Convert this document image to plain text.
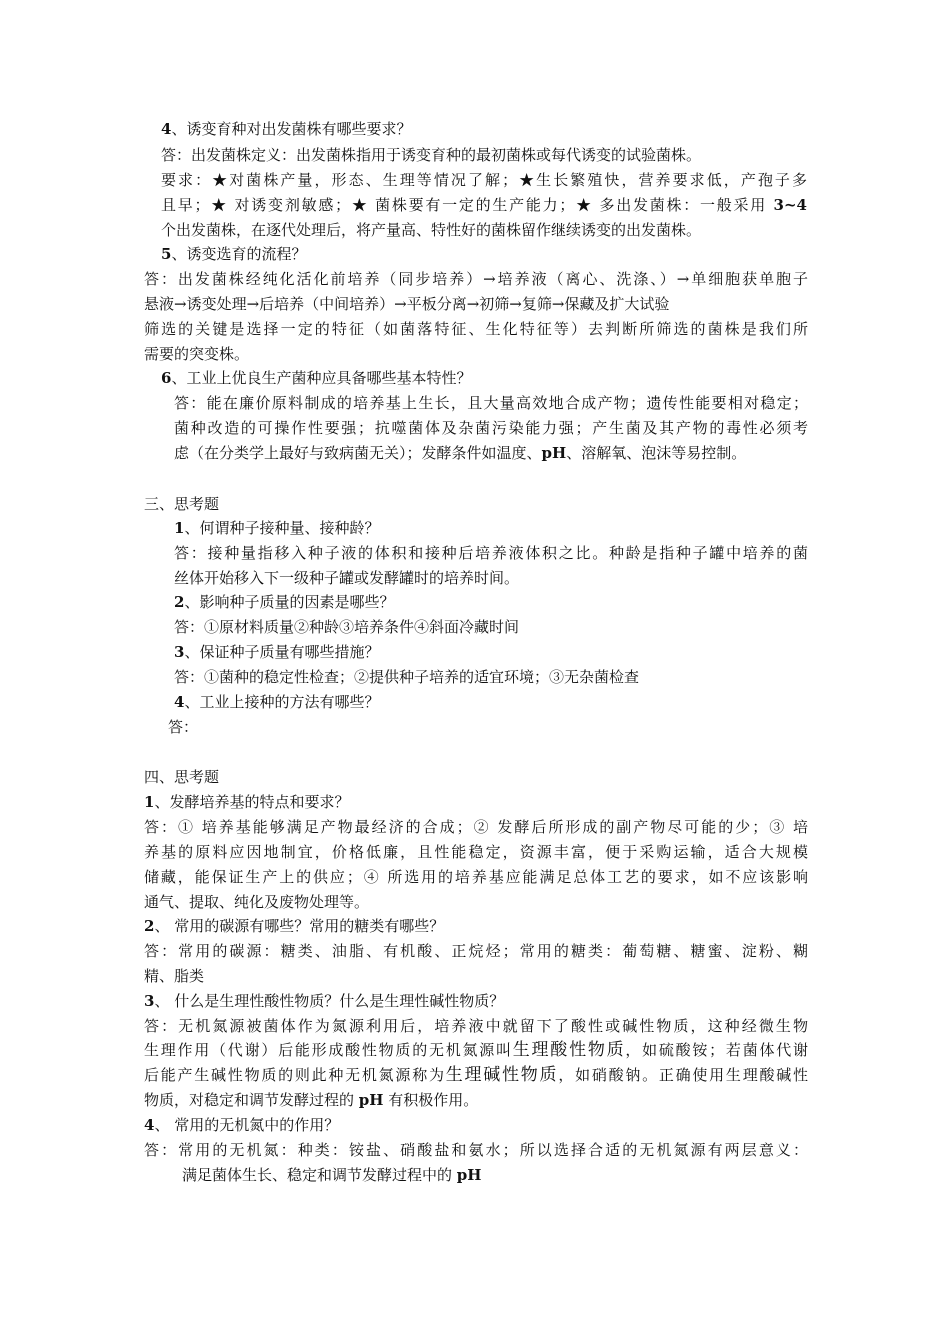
4、诱变育种对出发菌株有哪些要求？
答：出发菌株定义：出发菌株指用于诱变育种的最初菌株或每代诱变的试验菌株。
要求：★对菌株产量，形态、生理等情况了解；★生长繁殖快，营养要求低，产孢子多
且早；★ 对诱变剂敏感；★ 菌株要有一定的生产能力；★ 多出发菌株：一般采用 3~4
个出发菌株，在逐代处理后，将产量高、特性好的菌株留作继续诱变的出发菌株。
5、诱变选育的流程？
答：出发菌株经纯化活化前培养（同步培养）→培养液（离心、洗涤、）→单细胞获单胞子
悬液→诱变处理→后培养（中间培养）→平板分离→初筛→复筛→保藏及扩大试验
筛选的关键是选择一定的特征（如菌落特征、生化特征等）去判断所筛选的菌株是我们所
需要的突变株。
6、工业上优良生产菌种应具备哪些基本特性？
答：能在廉价原料制成的培养基上生长，且大量高效地合成产物；遗传性能要相对稳定；
菌种改造的可操作性要强；抗噬菌体及杂菌污染能力强；产生菌及其产物的毒性必须考
虑（在分类学上最好与致病菌无关）；发酵条件如温度、pH、溶解氧、泡沫等易控制。
三、思考题
1、何谓种子接种量、接种龄？
答：接种量指移入种子液的体积和接种后培养液体积之比。种龄是指种子罐中培养的菌
丝体开始移入下一级种子罐或发酵罐时的培养时间。
2、影响种子质量的因素是哪些？
答：①原材料质量②种龄③培养条件④斜面冷藏时间
3、保证种子质量有哪些措施？
答：①菌种的稳定性检查；②提供种子培养的适宜环境；③无杂菌检查
4、工业上接种的方法有哪些？
答：
四、思考题
1、发酵培养基的特点和要求？
答：① 培养基能够满足产物最经济的合成；② 发酵后所形成的副产物尽可能的少；③ 培
养基的原料应因地制宜，价格低廉，且性能稳定，资源丰富，便于采购运输，适合大规模
储藏，能保证生产上的供应；④ 所选用的培养基应能满足总体工艺的要求，如不应该影响
通气、提取、纯化及废物处理等。
2、 常用的碳源有哪些？常用的糖类有哪些？
答：常用的碳源：糖类、油脂、有机酸、正烷烃；常用的糖类：葡萄糖、糖蜜、淀粉、糊
精、脂类
3、 什么是生理性酸性物质？什么是生理性碱性物质？
答：无机氮源被菌体作为氮源利用后，培养液中就留下了酸性或碱性物质，这种经微生物
生理作用（代谢）后能形成酸性物质的无机氮源叫生理酸性物质，如硫酸铵；若菌体代谢
后能产生碱性物质的则此种无机氮源称为生理碱性物质，如硝酸钠。正确使用生理酸碱性
物质，对稳定和调节发酵过程的 pH 有积极作用。
4、 常用的无机氮中的作用？
答：常用的无机氮：种类：铵盐、硝酸盐和氨水；所以选择合适的无机氮源有两层意义：
满足菌体生长、稳定和调节发酵过程中的 pH
